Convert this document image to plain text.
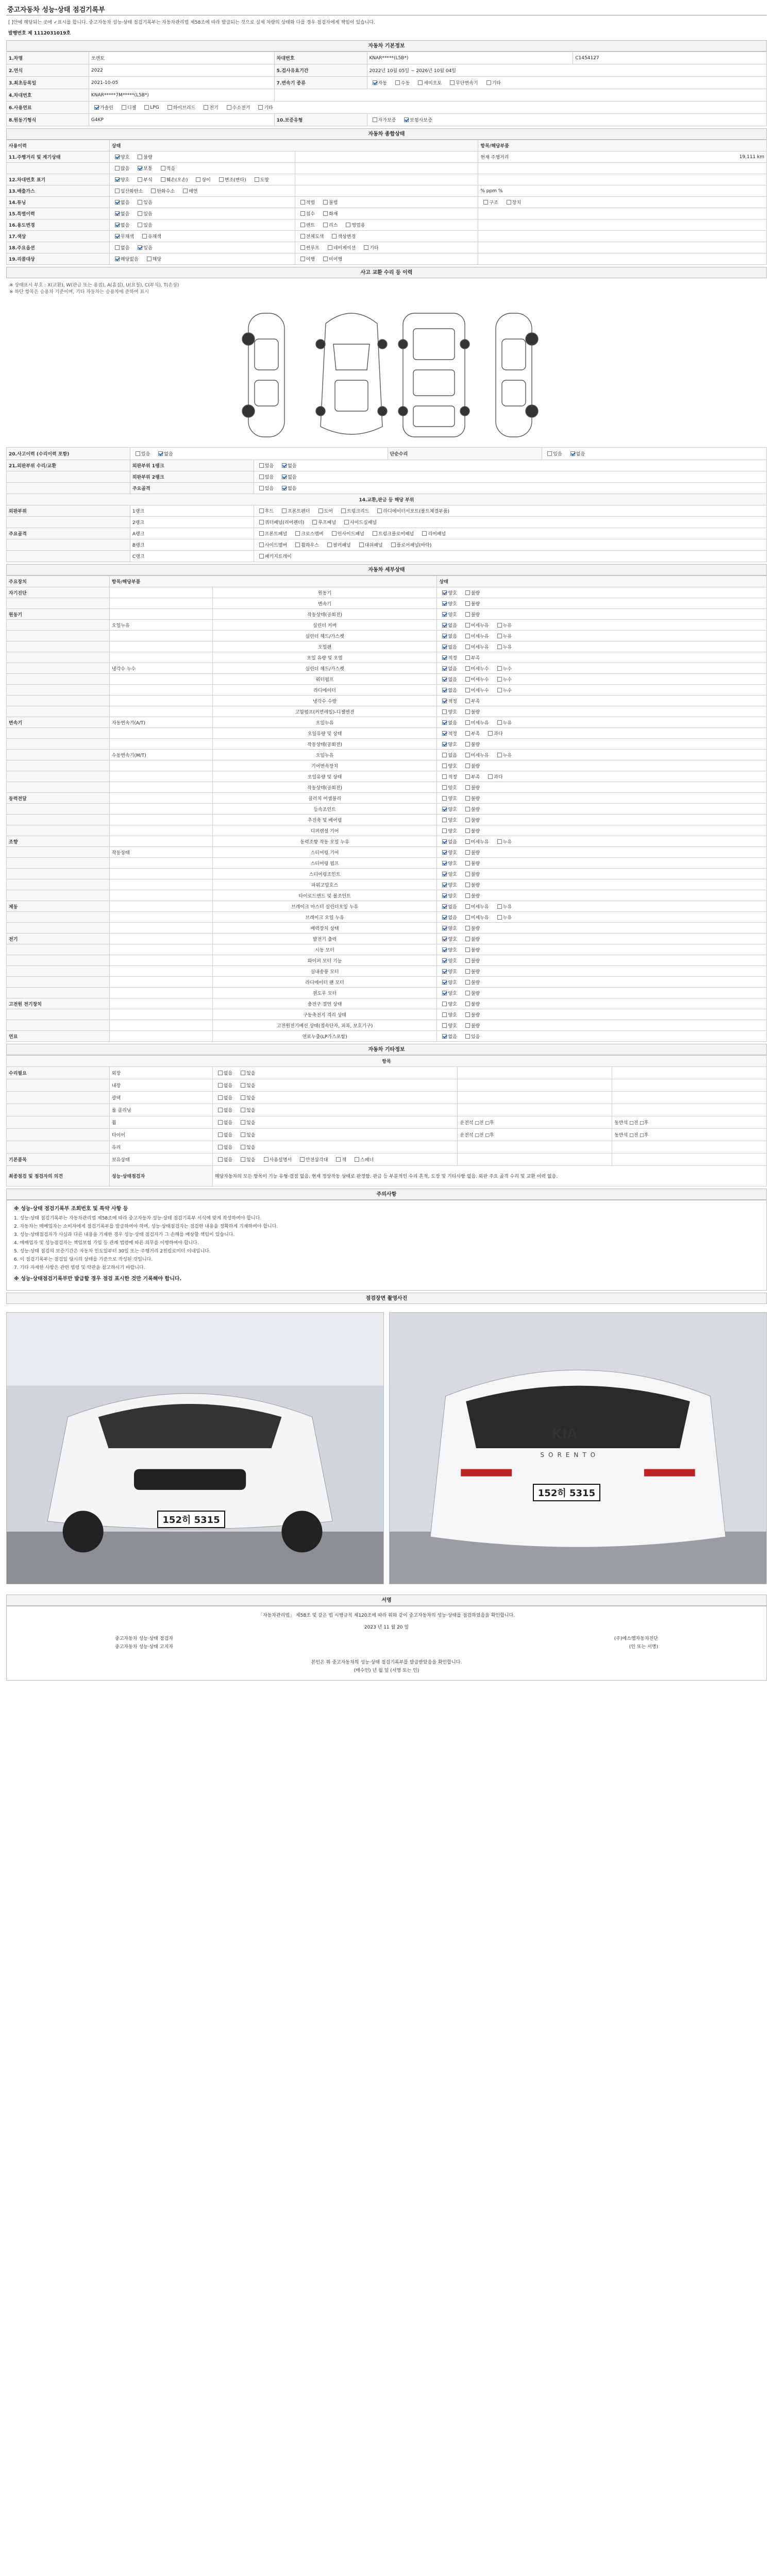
중고자동차 성능·상태 점검기록부
[ ]안에 해당되는 곳에 ✓표시를 합니다. 중고자동차 성능·상태 점검기록부는 자동차관리법 제58조에 따라 발급되는 것으로 실제 차량의 상태와 다를 경우 점검자에게 책임이 있습니다.
발행번호 제 1112031019호
자동차 기본정보
1.차명	쏘렌토	차대번호	KNAR*****(L5B*)	C1454127
2.연식	2022	5.검사유효기간	2022년 10월 05일 ~ 2026년 10월 04일
3.최초등록일	2021-10-05	7.변속기 종류	자동	수동	세미오토	무단변속기	기타
4.차대번호	KNAR*****7M*****(L5B*)
6.사용연료	가솔린	디젤	LPG	하이브리드	전기	수소전기	기타
8.원동기형식	G4KP	10.보증유형	자가보증	보험사보증
자동차 종합상태
사용이력	상태	항목/해당부품
11.주행거리 및 계기상태	양호	불량	현재 주행거리	19,111 km
많음	보통	적음
12.차대번호 표기	양호	부식	훼손(오손)	상이	변조(변타)	도말
13.배출가스	일산화탄소	탄화수소	매연	% ppm %
14.튜닝	없음	있음	적법	불법	구조	장치
15.특별이력	없음	있음	침수	화재
16.용도변경	없음	있음	렌트	리스	영업용
17.색상	무채색	유채색	전체도색	색상변경
18.주요옵션	없음	있음	썬루프	네비게이션	기타
19.리콜대상	해당없음	해당	이행	미이행
사고 교환 수리 등 이력
※ 상태표시 부호 : X(교환), W(판금 또는 용접), A(흠집), U(요철), C(부식), T(손상)
※ 하단 항목은 승용차 기준이며, 기타 자동차는 승용차에 준하여 표시
20.사고이력 (수리이력 포함)	있음	없음	단순수리	있음	없음
21.외판부위 수리/교환	외판부위 1랭크	있음	없음
외판부위 2랭크	있음	없음
주요골격	있음	없음
14.교환,판금 등 해당 부위
외판부위	1랭크	후드	프론트펜더	도어	트렁크리드	라디에이터서포트(볼트체결부품)
2랭크	쿼터패널(리어펜더)	루프패널	사이드실패널
주요골격	A랭크	프론트패널	크로스멤버	인사이드패널	트렁크플로어패널	리어패널
B랭크	사이드멤버	휠하우스	필러패널	대쉬패널	플로어패널(바닥)
C랭크	패키지트레이
자동차 세부상태
주요장치	항목/해당부품	상태
자기진단	원동기	양호	불량
변속기	양호	불량
원동기	작동상태(공회전)	양호	불량
오일누유	실린더 커버	없음	미세누유	누유
실린더 헤드/가스켓	없음	미세누유	누유
오일팬	없음	미세누유	누유
오일 유량 및 오염	적정	부족
냉각수 누수	실린더 헤드/가스켓	없음	미세누수	누수
워터펌프	없음	미세누수	누수
라디에이터	없음	미세누수	누수
냉각수 수량	적정	부족
고압펌프(커먼레일)-디젤엔진	양호	불량
변속기	자동변속기(A/T)	오일누유	없음	미세누유	누유
오일유량 및 상태	적정	부족	과다
작동상태(공회전)	양호	불량
수동변속기(M/T)	오일누유	없음	미세누유	누유
기어변속장치	양호	불량
오일유량 및 상태	적정	부족	과다
작동상태(공회전)	양호	불량
동력전달	클러치 어셈블리	양호	불량
등속조인트	양호	불량
추진축 및 베어링	양호	불량
디퍼렌셜 기어	양호	불량
조향	동력조향 작동 오일 누유	없음	미세누유	누유
작동상태	스티어링 기어	양호	불량
스티어링 펌프	양호	불량
스티어링조인트	양호	불량
파워고압호스	양호	불량
타이로드엔드 및 볼조인트	양호	불량
제동	브레이크 마스터 실린더오일 누유	없음	미세누유	누유
브레이크 오일 누유	없음	미세누유	누유
배력장치 상태	양호	불량
전기	발전기 출력	양호	불량
시동 모터	양호	불량
와이퍼 모터 기능	양호	불량
실내송풍 모터	양호	불량
라디에이터 팬 모터	양호	불량
윈도우 모터	양호	불량
고전원 전기장치	충전구 절연 상태	양호	불량
구동축전지 격리 상태	양호	불량
고전원전기배선 상태(접속단자, 피복, 보호기구)	양호	불량
연료	연료누출(LP가스포함)	없음	있음
자동차 기타정보
항목
수리필요	외장	없음	있음
내장	없음	있음
광택	없음	있음
룸 클리닝	없음	있음
휠	없음	있음	운전석 □전 □후	동반석 □전 □후
타이어	없음	있음	운전석 □전 □후	동반석 □전 □후
유리	없음	있음
기본품목	보유상태	없음	있음	사용설명서	안전삼각대	잭	스패너
최종점검 및 점검자의 의견	성능·상태점검자	해당자동차의 모든 항목이 기능 유형·결점 없음. 현재 정상작동 상태로 판정함. 판금 등 부분적인 수리 흔적, 도장 및 기타사항 없음. 외판 주요 골격 수리 및 교환 이력 없음.
주의사항
※ 성능·상태 점검기록부 조회번호 및 특약 사항 등

1. 성능·상태 점검기록부는 자동차관리법 제58조에 따라 중고자동차 성능·상태 점검기록부 서식에 맞게 작성하여야 합니다.

2. 자동차는 매매업자는 소비자에게 점검기록부를 발급하여야 하며, 성능·상태점검자는 점검한 내용을 정확하게 기재하여야 합니다.

3. 성능·상태점검자가 사실과 다른 내용을 기재한 경우 성능·상태 점검자가 그 손해를 배상할 책임이 있습니다.

4. 매매업자 및 성능점검자는 책임보험 가입 등 관계 법령에 따른 의무를 이행하여야 합니다.

5. 성능·상태 점검의 보증기간은 자동차 인도일부터 30일 또는 주행거리 2천킬로미터 이내입니다.

6. 이 점검기록부는 점검일 당시의 상태를 기준으로 작성된 것입니다.

7. 기타 자세한 사항은 관련 법령 및 약관을 참고하시기 바랍니다.

※ 성능·상태점검기록부만 발급할 경우 점검 표시한 것만 기록해야 합니다.
점검장면 촬영사진
152히 5315
KIA
SORENTO
152히 5315
서명
「자동차관리법」 제58조 및 같은 법 시행규칙 제120조에 따라 위와 같이 중고자동차의 성능·상태를 점검하였음을 확인합니다.
2023 년 11 월 20 일
중고자동차 성능·상태 점검자	(주)에스엠자동차진단
중고자동차 성능·상태 고지자	(인 또는 서명)
본인은 위 중고자동차의 성능·상태 점검기록부를 발급받았음을 확인합니다.
(매수인) 년 월 일 (서명 또는 인)
